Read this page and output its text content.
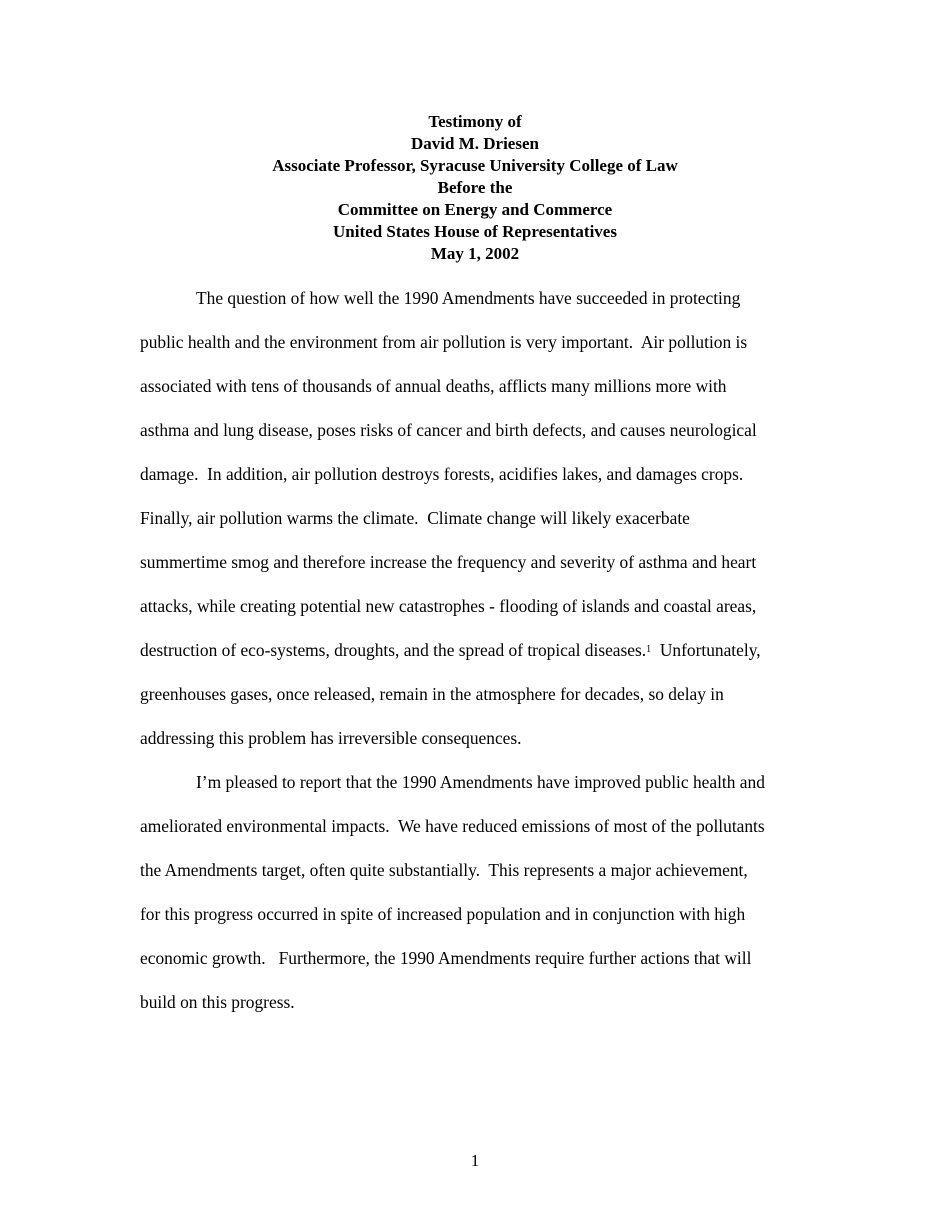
Testimony of
David M. Driesen
Associate Professor, Syracuse University College of Law
Before the
Committee on Energy and Commerce
United States House of Representatives
May 1, 2002
The question of how well the 1990 Amendments have succeeded in protecting
public health and the environment from air pollution is very important.  Air pollution is
associated with tens of thousands of annual deaths, afflicts many millions more with
asthma and lung disease, poses risks of cancer and birth defects, and causes neurological
damage.  In addition, air pollution destroys forests, acidifies lakes, and damages crops.
Finally, air pollution warms the climate.  Climate change will likely exacerbate
summertime smog and therefore increase the frequency and severity of asthma and heart
attacks, while creating potential new catastrophes - flooding of islands and coastal areas,
destruction of eco-systems, droughts, and the spread of tropical diseases.$^1$  Unfortunately,
greenhouses gases, once released, remain in the atmosphere for decades, so delay in
addressing this problem has irreversible consequences.
I’m pleased to report that the 1990 Amendments have improved public health and
ameliorated environmental impacts.  We have reduced emissions of most of the pollutants
the Amendments target, often quite substantially.  This represents a major achievement,
for this progress occurred in spite of increased population and in conjunction with high
economic growth.   Furthermore, the 1990 Amendments require further actions that will
build on this progress.
1
